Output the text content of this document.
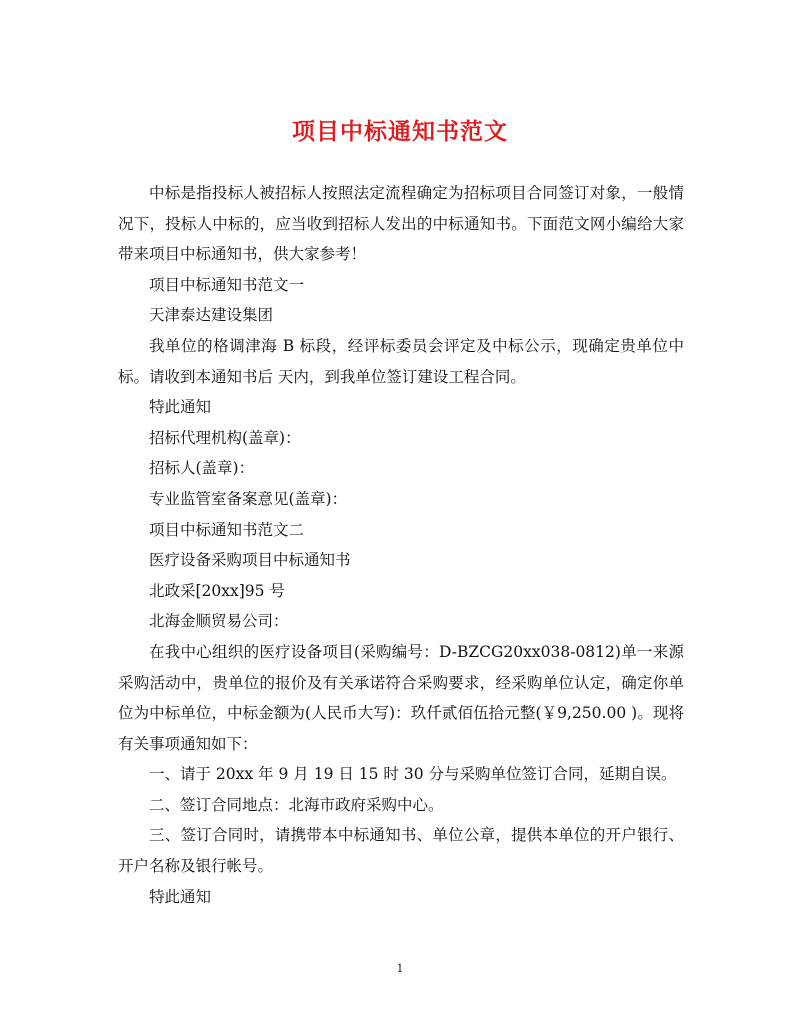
项目中标通知书范文

中标是指投标人被招标人按照法定流程确定为招标项目合同签订对象，一般情况下，投标人中标的，应当收到招标人发出的中标通知书。下面范文网小编给大家带来项目中标通知书，供大家参考！

项目中标通知书范文一

天津泰达建设集团

我单位的格调津海 B 标段，经评标委员会评定及中标公示，现确定贵单位中标。请收到本通知书后 天内，到我单位签订建设工程合同。

特此通知

招标代理机构(盖章)：

招标人(盖章)：

专业监管室备案意见(盖章)：

项目中标通知书范文二

医疗设备采购项目中标通知书

北政采[20xx]95 号

北海金顺贸易公司：

在我中心组织的医疗设备项目(采购编号：D-BZCG20xx038-0812)单一来源采购活动中，贵单位的报价及有关承诺符合采购要求，经采购单位认定，确定你单位为中标单位，中标金额为(人民币大写)：玖仟贰佰伍拾元整(￥9,250.00 )。现将有关事项通知如下：

一、请于 20xx 年 9 月 19 日 15 时 30 分与采购单位签订合同，延期自误。

二、签订合同地点：北海市政府采购中心。

三、签订合同时，请携带本中标通知书、单位公章，提供本单位的开户银行、开户名称及银行帐号。

特此通知

1
